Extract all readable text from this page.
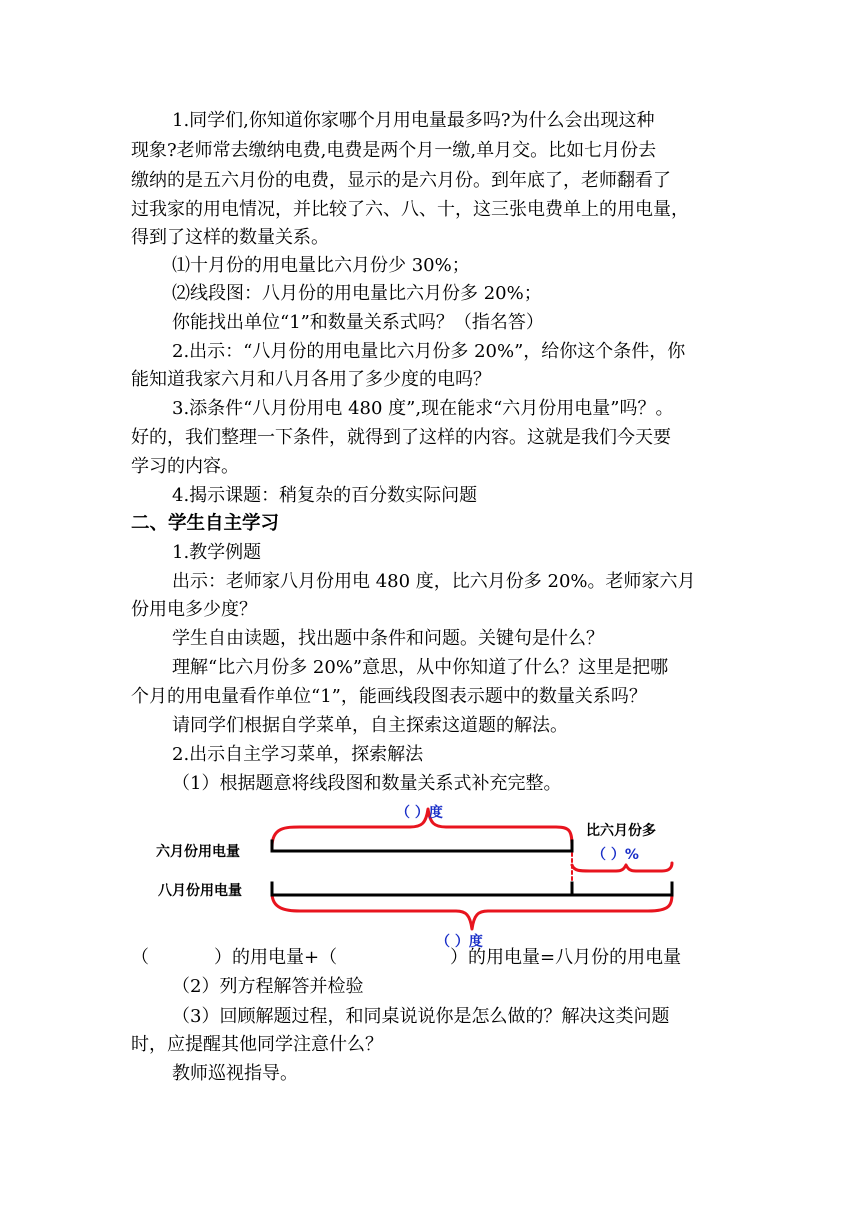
1.同学们,你知道你家哪个月用电量最多吗?为什么会出现这种
现象?老师常去缴纳电费,电费是两个月一缴,单月交。比如七月份去
缴纳的是五六月份的电费，显示的是六月份。到年底了，老师翻看了
过我家的用电情况，并比较了六、八、十，这三张电费单上的用电量，
得到了这样的数量关系。
⑴十月份的用电量比六月份少 30%；
⑵线段图：八月份的用电量比六月份多 20%；
你能找出单位“1”和数量关系式吗？（指名答）
2.出示：“八月份的用电量比六月份多 20%”，给你这个条件，你
能知道我家六月和八月各用了多少度的电吗？
3.添条件“八月份用电 480 度”,现在能求“六月份用电量”吗？。
好的，我们整理一下条件，就得到了这样的内容。这就是我们今天要
学习的内容。
4.揭示课题：稍复杂的百分数实际问题
二、学生自主学习
1.教学例题
出示：老师家八月份用电 480 度，比六月份多 20%。老师家六月
份用电多少度？
学生自由读题，找出题中条件和问题。关键句是什么？
理解“比六月份多 20%”意思，从中你知道了什么？这里是把哪
个月的用电量看作单位“1”，能画线段图表示题中的数量关系吗？
请同学们根据自学菜单，自主探索这道题的解法。
2.出示自主学习菜单，探索解法
（1）根据题意将线段图和数量关系式补充完整。
六月份用电量
八月份用电量
（ ）度
比六月份多
（ ）%
（ ）度
（	）的用电量+（	）的用电量=八月份的用电量
（2）列方程解答并检验
（3）回顾解题过程，和同桌说说你是怎么做的？解决这类问题
时，应提醒其他同学注意什么？
教师巡视指导。
